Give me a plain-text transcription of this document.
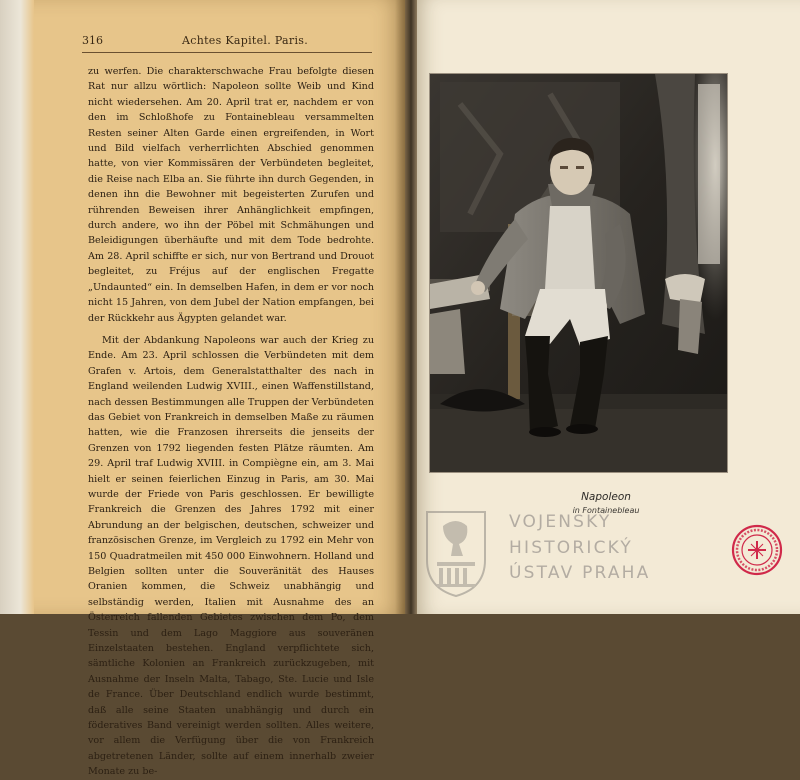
316	Achtes Kapitel. Paris.

zu werfen. Die charakterschwache Frau befolgte diesen Rat nur allzu wörtlich: Napoleon sollte Weib und Kind nicht wiedersehen. Am 20. April trat er, nachdem er von den im Schloßhofe zu Fontainebleau versammelten Resten seiner Alten Garde einen ergreifenden, in Wort und Bild vielfach verherrlichten Abschied genommen hatte, von vier Kommissären der Verbündeten begleitet, die Reise nach Elba an. Sie führte ihn durch Gegenden, in denen ihn die Bewohner mit begeisterten Zurufen und rührenden Beweisen ihrer Anhänglichkeit empfingen, durch andere, wo ihn der Pöbel mit Schmähungen und Beleidigungen überhäufte und mit dem Tode bedrohte. Am 28. April schiffte er sich, nur von Bertrand und Drouot begleitet, zu Fréjus auf der englischen Fregatte „Undaunted“ ein. In demselben Hafen, in dem er vor noch nicht 15 Jahren, von dem Jubel der Nation empfangen, bei der Rückkehr aus Ägypten gelandet war.

Mit der Abdankung Napoleons war auch der Krieg zu Ende. Am 23. April schlossen die Verbündeten mit dem Grafen v. Artois, dem Generalstatthalter des nach in England weilenden Ludwig XVIII., einen Waffenstillstand, nach dessen Bestimmungen alle Truppen der Verbündeten das Gebiet von Frankreich in demselben Maße zu räumen hatten, wie die Franzosen ihrerseits die jenseits der Grenzen von 1792 liegenden festen Plätze räumten. Am 29. April traf Ludwig XVIII. in Compiègne ein, am 3. Mai hielt er seinen feierlichen Einzug in Paris, am 30. Mai wurde der Friede von Paris geschlossen. Er bewilligte Frankreich die Grenzen des Jahres 1792 mit einer Abrundung an der belgischen, deutschen, schweizer und französischen Grenze, im Vergleich zu 1792 ein Mehr von 150 Quadratmeilen mit 450 000 Einwohnern. Holland und Belgien sollten unter die Souveränität des Hauses Oranien kommen, die Schweiz unabhängig und selbständig werden, Italien mit Ausnahme des an Österreich fallenden Gebietes zwischen dem Po, dem Tessin und dem Lago Maggiore aus souveränen Einzelstaaten bestehen. England verpflichtete sich, sämtliche Kolonien an Frankreich zurückzugeben, mit Ausnahme der Inseln Malta, Tabago, Ste. Lucie und Isle de France. Über Deutschland endlich wurde bestimmt, daß alle seine Staaten unabhängig und durch ein föderatives Band vereinigt werden sollten. Alles weitere, vor allem die Verfügung über die von Frankreich abgetretenen Länder, sollte auf einem innerhalb zweier Monate zu be-

Napoleon
in Fontainebleau
VOJENSKÝ
HISTORICKÝ
ÚSTAV PRAHA
